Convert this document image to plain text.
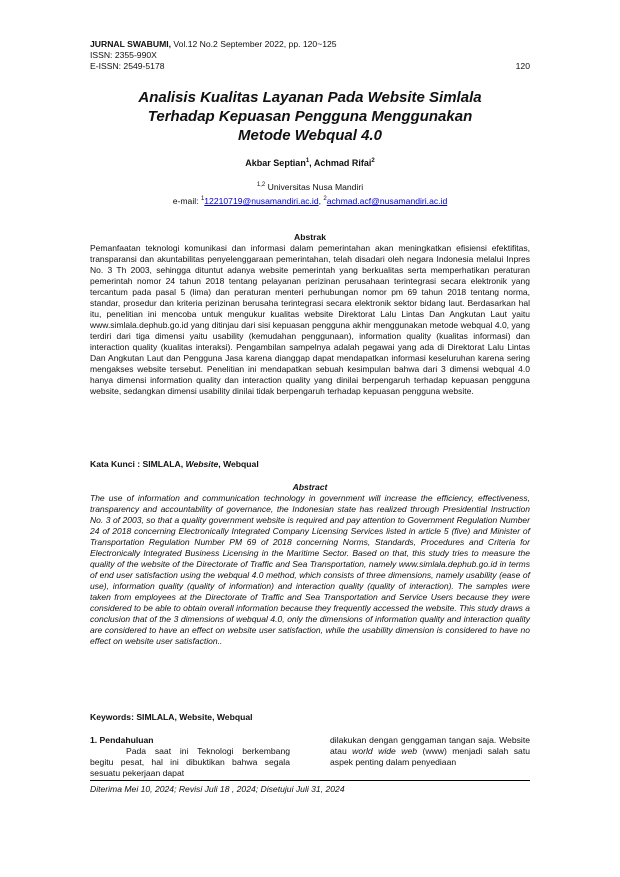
JURNAL SWABUMI, Vol.12 No.2 September 2022, pp. 120~125
ISSN: 2355-990X
E-ISSN: 2549-5178	120
Analisis Kualitas Layanan Pada Website Simlala
Terhadap Kepuasan Pengguna Menggunakan
Metode Webqual 4.0
Akbar Septian$^1$, Achmad Rifai$^2$
$^{1,2}$ Universitas Nusa Mandiri
e-mail: $^1$12210719@nusamandiri.ac.id, $^2$achmad.acf@nusamandiri.ac.id
Abstrak
Pemanfaatan teknologi komunikasi dan informasi dalam pemerintahan akan meningkatkan efisiensi efektifitas, transparansi dan akuntabilitas penyelenggaraan pemerintahan, telah disadari oleh negara Indonesia melalui Inpres No. 3 Th 2003, sehingga dituntut adanya website pemerintah yang berkualitas serta memperhatikan peraturan pemerintah nomor 24 tahun 2018 tentang pelayanan perizinan perusahaan terintegrasi secara elektronik yang tercantum pada pasal 5 (lima) dan peraturan menteri perhubungan nomor pm 69 tahun 2018 tentang norma, standar, prosedur dan kriteria perizinan berusaha terintegrasi secara elektronik sektor bidang laut. Berdasarkan hal itu, penelitian ini mencoba untuk mengukur kualitas website Direktorat Lalu Lintas Dan Angkutan Laut yaitu www.simlala.dephub.go.id yang ditinjau dari sisi kepuasan pengguna akhir menggunakan metode webqual 4.0, yang terdiri dari tiga dimensi yaitu usability (kemudahan penggunaan), information quality (kualitas informasi) dan interaction quality (kualitas interaksi). Pengambilan sampelnya adalah pegawai yang ada di Direktorat Lalu Lintas Dan Angkutan Laut dan Pengguna Jasa karena dianggap dapat mendapatkan informasi keseluruhan karena sering mengakses website tersebut. Penelitian ini mendapatkan sebuah kesimpulan bahwa dari 3 dimensi webqual 4.0 hanya dimensi information quality dan interaction quality yang dinilai berpengaruh terhadap kepuasan pengguna website, sedangkan dimensi usability dinilai tidak berpengaruh terhadap kepuasan pengguna website.
Kata Kunci : SIMLALA, Website, Webqual
Abstract
The use of information and communication technology in government will increase the efficiency, effectiveness, transparency and accountability of governance, the Indonesian state has realized through Presidential Instruction No. 3 of 2003, so that a quality government website is required and pay attention to Government Regulation Number 24 of 2018 concerning Electronically Integrated Company Licensing Services listed in article 5 (five) and Minister of Transportation Regulation Number PM 69 of 2018 concerning Norms, Standards, Procedures and Criteria for Electronically Integrated Business Licensing in the Maritime Sector. Based on that, this study tries to measure the quality of the website of the Directorate of Traffic and Sea Transportation, namely www.simlala.dephub.go.id in terms of end user satisfaction using the webqual 4.0 method, which consists of three dimensions, namely usability (ease of use), information quality (quality of information) and interaction quality (quality of interaction). The samples were taken from employees at the Directorate of Traffic and Sea Transportation and Service Users because they were considered to be able to obtain overall information because they frequently accessed the website. This study draws a conclusion that of the 3 dimensions of webqual 4.0, only the dimensions of information quality and interaction quality are considered to have an effect on website user satisfaction, while the usability dimension is considered to have no effect on website user satisfaction..
Keywords: SIMLALA, Website, Webqual
1. Pendahuluan
Pada saat ini Teknologi berkembang begitu pesat, hal ini dibuktikan bahwa segala sesuatu pekerjaan dapat
dilakukan dengan genggaman tangan saja. Website atau world wide web (www) menjadi salah satu aspek penting dalam penyediaan
Diterima Mei 10, 2024; Revisi Juli 18 , 2024; Disetujui Juli 31, 2024
